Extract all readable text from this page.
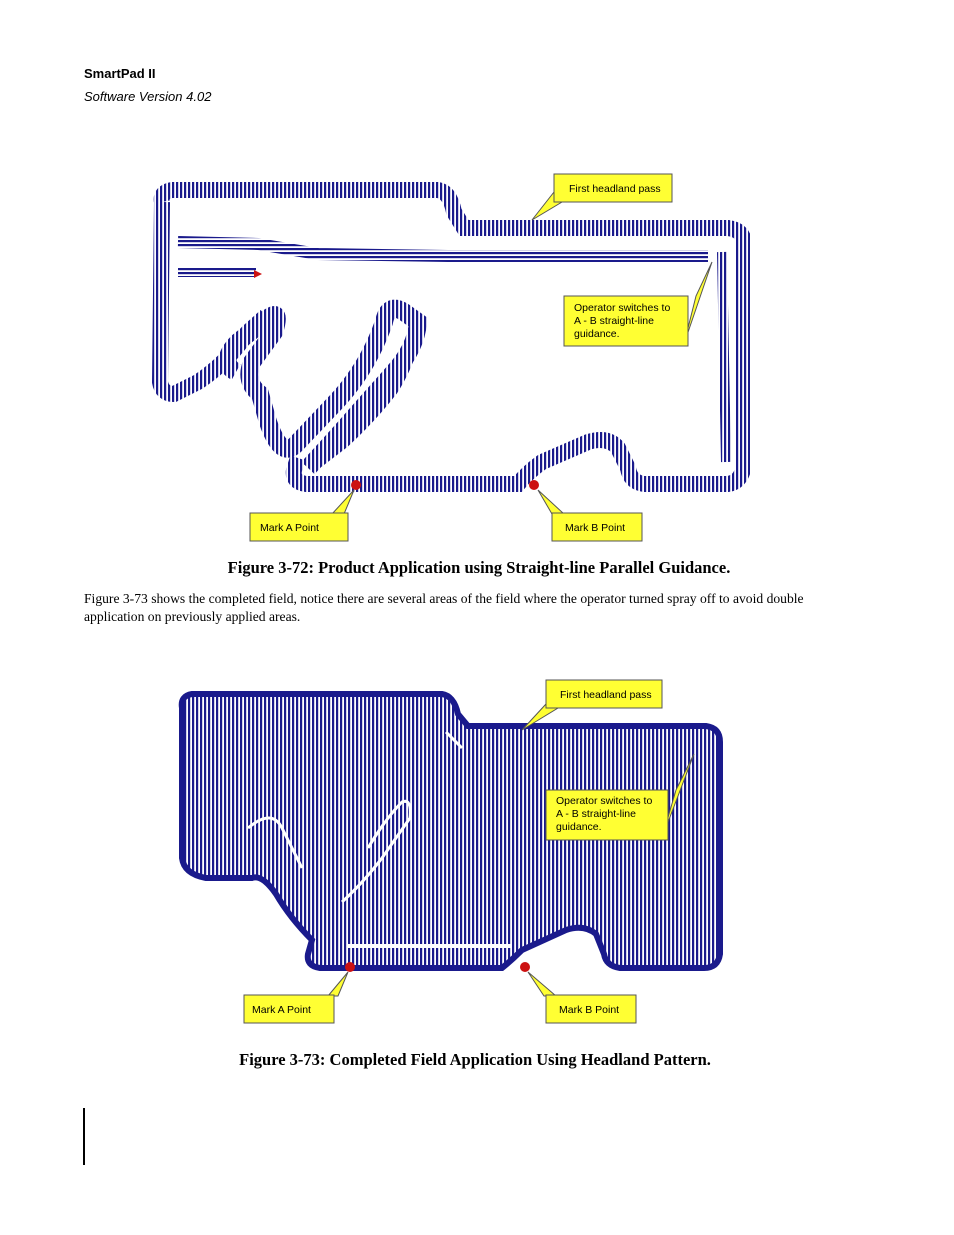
SmartPad II
Software Version 4.02
First headland pass
Operator switches to
A - B straight-line
guidance.
Mark A Point	Mark B Point
Figure 3-72: Product Application using Straight-line Parallel Guidance.
Figure 3-73 shows the completed field, notice there are several areas of the field where the operator turned spray off to avoid double application on previously applied areas.
First headland pass
Operator switches to
A - B straight-line
guidance.
Mark A Point	Mark B Point
Figure 3-73: Completed Field Application Using Headland Pattern.
